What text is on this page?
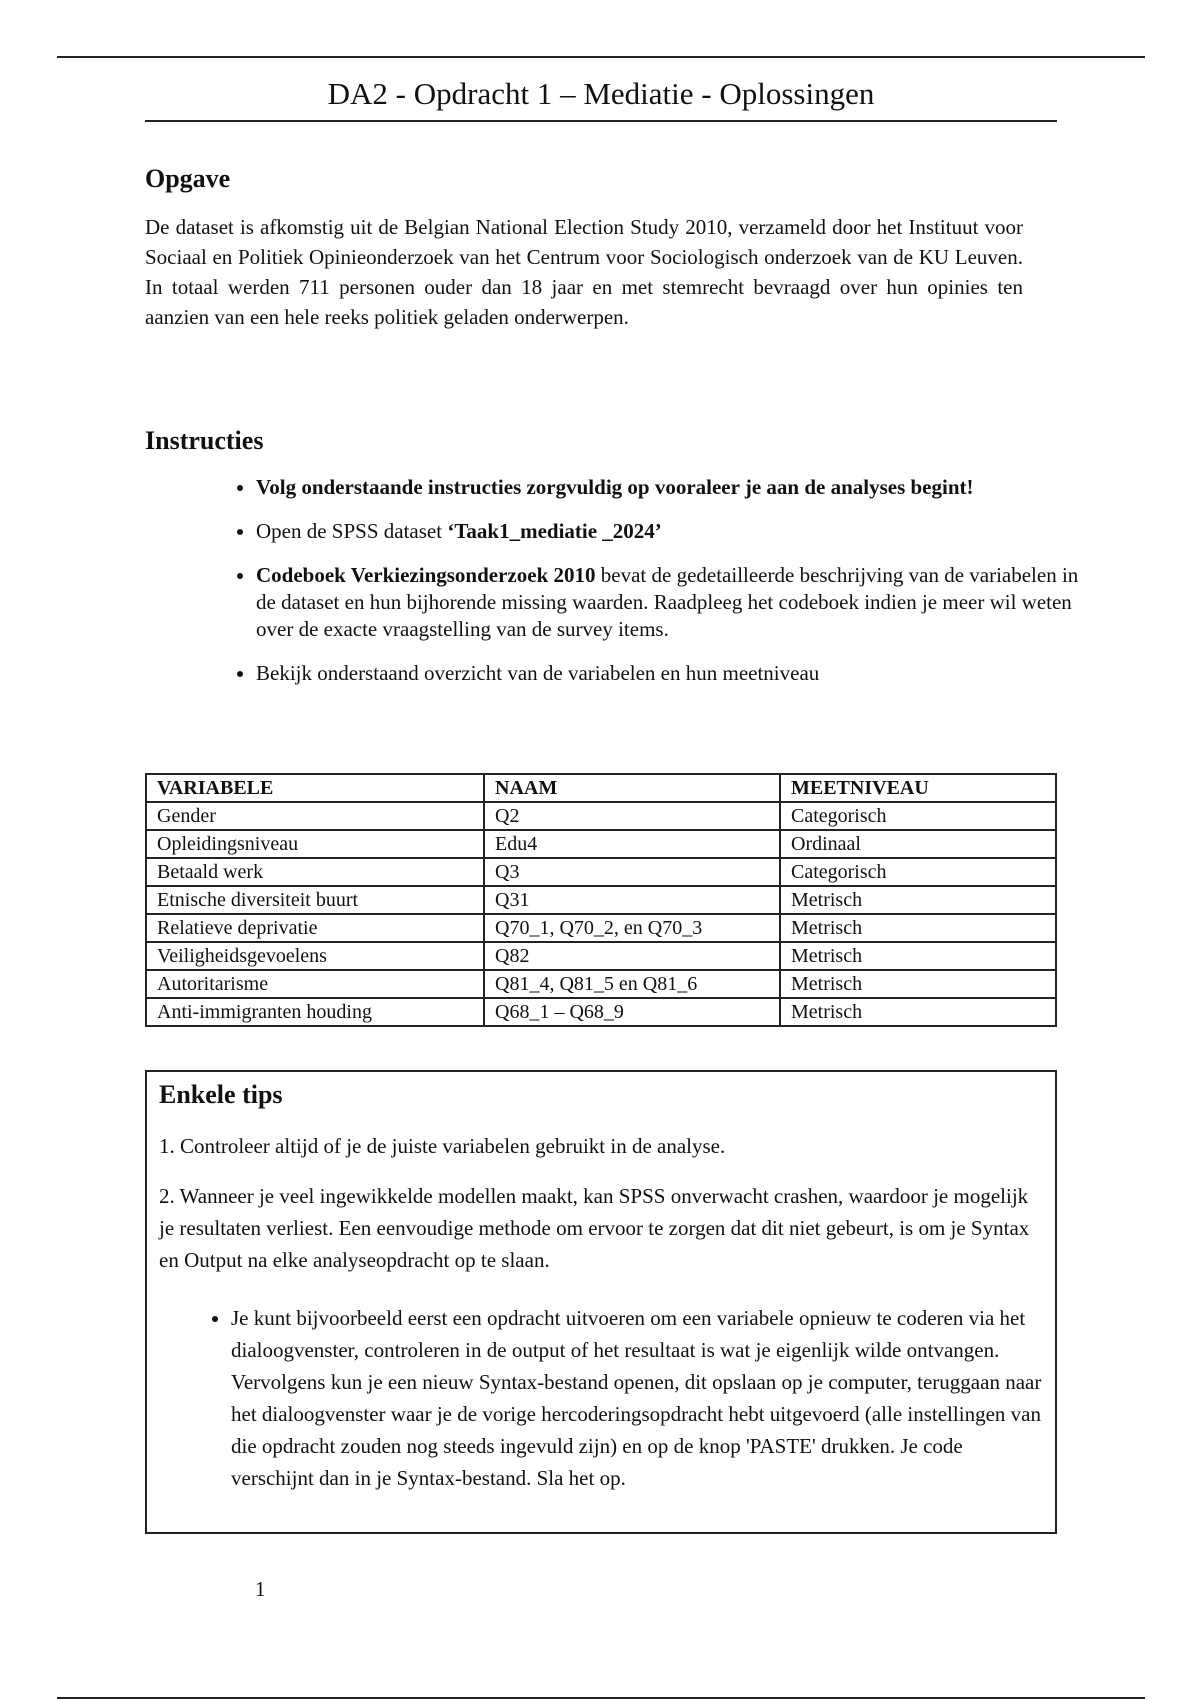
DA2 - Opdracht 1 – Mediatie - Oplossingen
Opgave

De dataset is afkomstig uit de Belgian National Election Study 2010, verzameld door het Instituut voor Sociaal en Politiek Opinieonderzoek van het Centrum voor Sociologisch onderzoek van de KU Leuven. In totaal werden 711 personen ouder dan 18 jaar en met stemrecht bevraagd over hun opinies ten aanzien van een hele reeks politiek geladen onderwerpen.

Instructies
• Volg onderstaande instructies zorgvuldig op vooraleer je aan de analyses begint!
• Open de SPSS dataset ‘Taak1_mediatie _2024’
• Codeboek Verkiezingsonderzoek 2010 bevat de gedetailleerde beschrijving van de variabelen in de dataset en hun bijhorende missing waarden. Raadpleeg het codeboek indien je meer wil weten over de exacte vraagstelling van de survey items.
• Bekijk onderstaand overzicht van de variabelen en hun meetniveau
VARIABELE	NAAM	MEETNIVEAU
Gender	Q2	Categorisch
Opleidingsniveau	Edu4	Ordinaal
Betaald werk	Q3	Categorisch
Etnische diversiteit buurt	Q31	Metrisch
Relatieve deprivatie	Q70_1, Q70_2, en Q70_3	Metrisch
Veiligheidsgevoelens	Q82	Metrisch
Autoritarisme	Q81_4, Q81_5 en Q81_6	Metrisch
Anti-immigranten houding	Q68_1 – Q68_9	Metrisch
Enkele tips

1. Controleer altijd of je de juiste variabelen gebruikt in de analyse.

2. Wanneer je veel ingewikkelde modellen maakt, kan SPSS onverwacht crashen, waardoor je mogelijk je resultaten verliest. Een eenvoudige methode om ervoor te zorgen dat dit niet gebeurt, is om je Syntax en Output na elke analyseopdracht op te slaan.

• Je kunt bijvoorbeeld eerst een opdracht uitvoeren om een variabele opnieuw te coderen via het dialoogvenster, controleren in de output of het resultaat is wat je eigenlijk wilde ontvangen. Vervolgens kun je een nieuw Syntax-bestand openen, dit opslaan op je computer, teruggaan naar het dialoogvenster waar je de vorige hercoderingsopdracht hebt uitgevoerd (alle instellingen van die opdracht zouden nog steeds ingevuld zijn) en op de knop 'PASTE' drukken. Je code verschijnt dan in je Syntax-bestand. Sla het op.
1
